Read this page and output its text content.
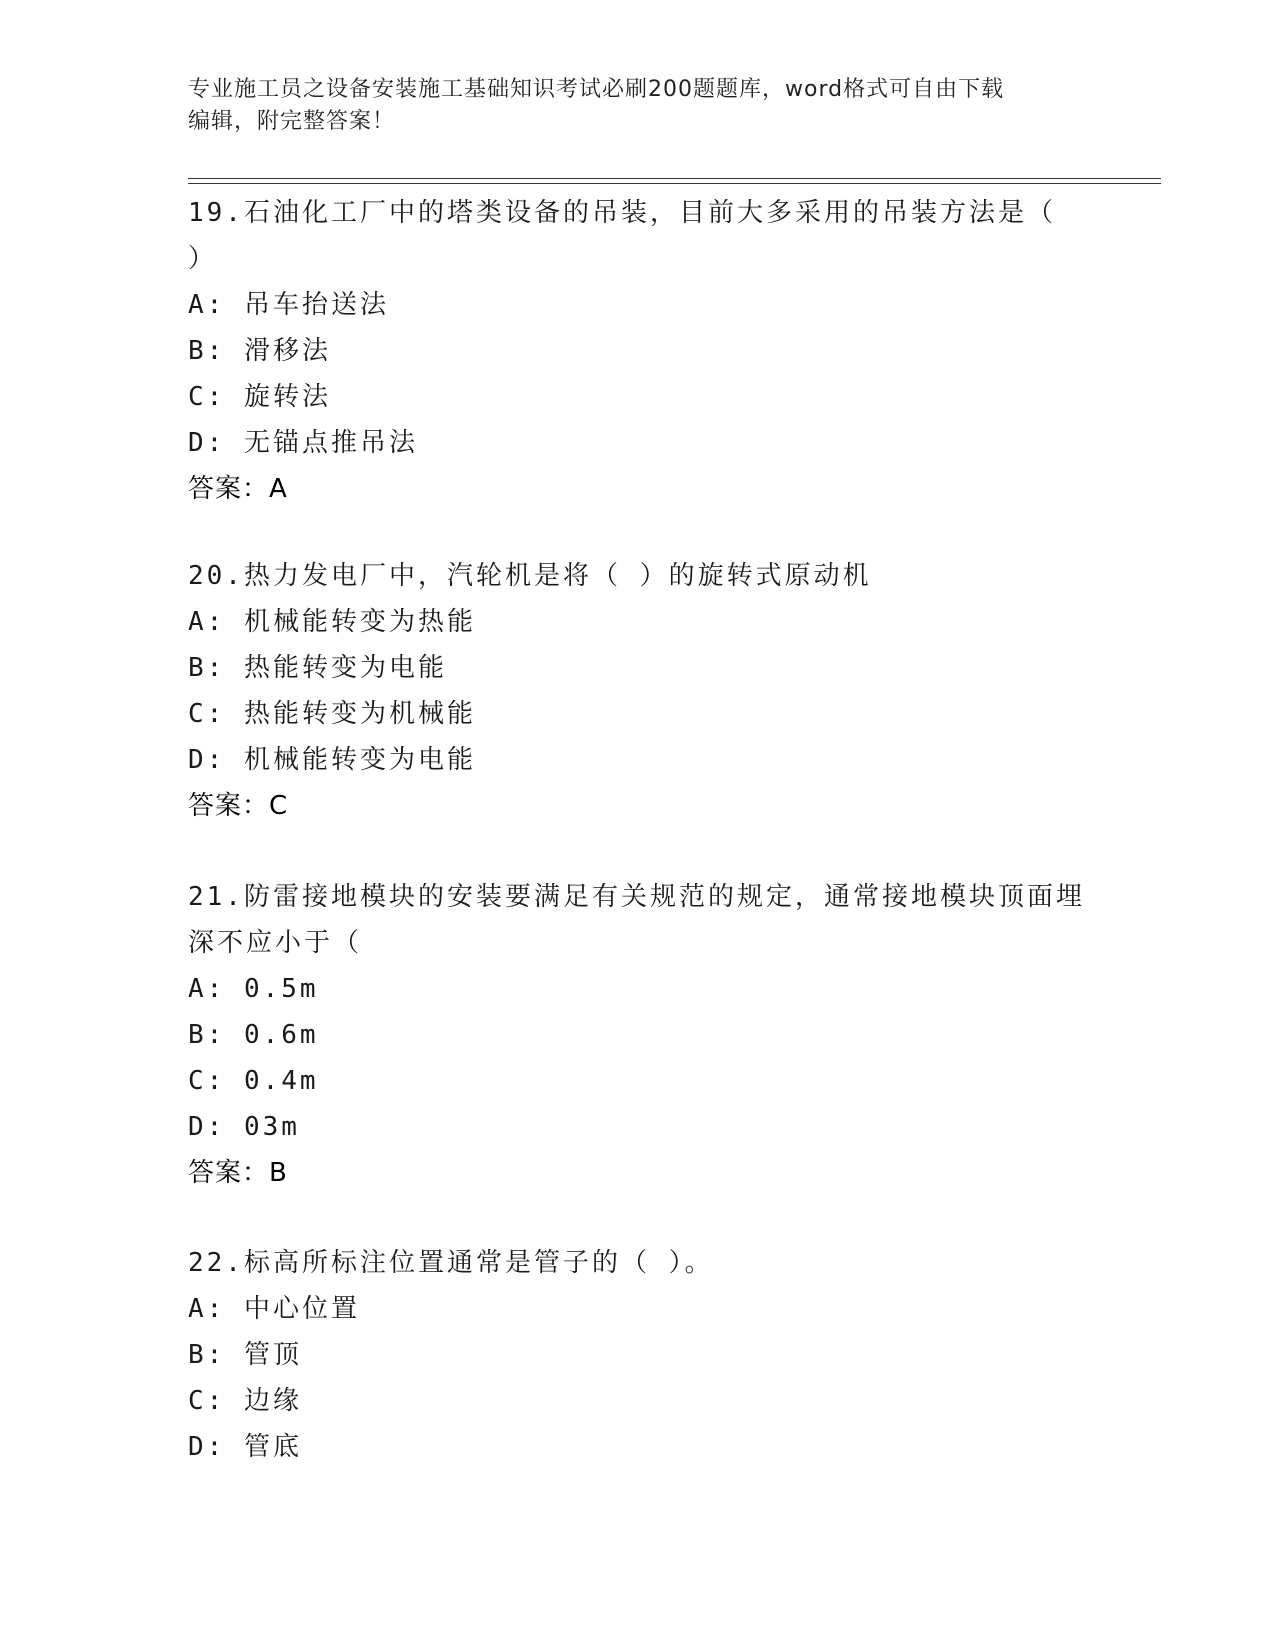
专业施工员之设备安装施工基础知识考试必刷200题题库，word格式可自由下载
编辑，附完整答案！
19.石油化工厂中的塔类设备的吊装，目前大多采用的吊装方法是（
）
A: 吊车抬送法
B: 滑移法
C: 旋转法
D: 无锚点推吊法
答案：A
20.热力发电厂中，汽轮机是将（ ）的旋转式原动机
A: 机械能转变为热能
B: 热能转变为电能
C: 热能转变为机械能
D: 机械能转变为电能
答案：C
21.防雷接地模块的安装要满足有关规范的规定，通常接地模块顶面埋
深不应小于（
A: 0.5m
B: 0.6m
C: 0.4m
D: 03m
答案：B
22.标高所标注位置通常是管子的（ ）。
A: 中心位置
B: 管顶
C: 边缘
D: 管底
